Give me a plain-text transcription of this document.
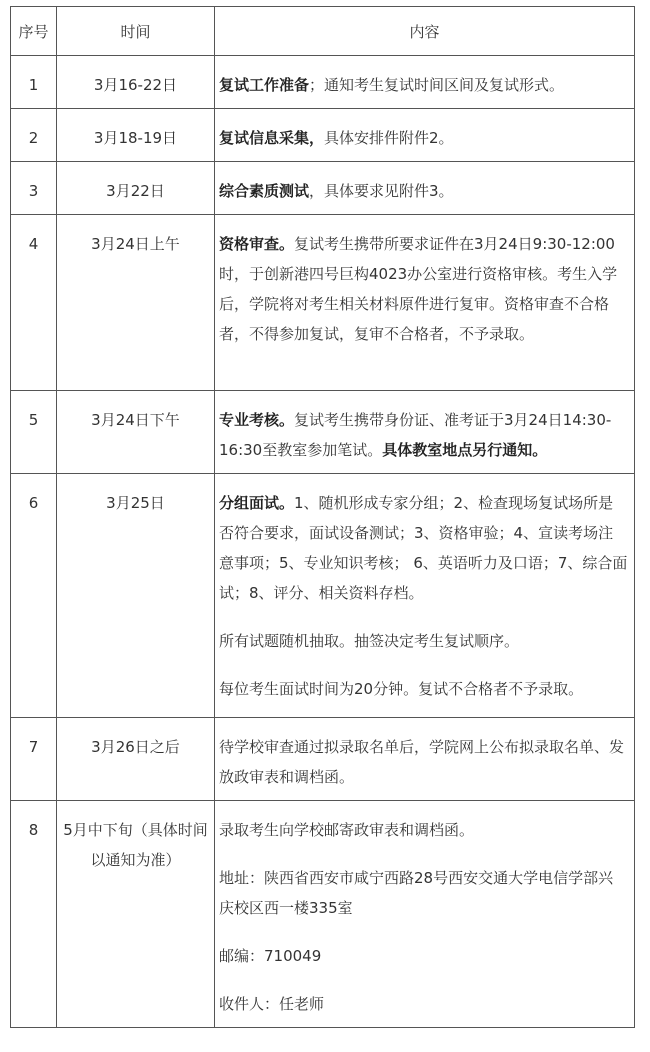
序号	时间	内容
1	3月16-22日	复试工作准备；通知考生复试时间区间及复试形式。

2	3月18-19日	复试信息采集，具体安排件附件2。

3	3月22日	综合素质测试，具体要求见附件3。

4	3月24日上午	资格审查。复试考生携带所要求证件在3月24日9:30-12:00时，于创新港四号巨构4023办公室进行资格审核。考生入学后，学院将对考生相关材料原件进行复审。资格审查不合格者，不得参加复试，复审不合格者，不予录取。

5	3月24日下午	专业考核。复试考生携带身份证、准考证于3月24日14:30-16:30至教室参加笔试。具体教室地点另行通知。

6	3月25日	分组面试。1、随机形成专家分组；2、检查现场复试场所是否符合要求，面试设备测试；3、资格审验；4、宣读考场注意事项；5、专业知识考核； 6、英语听力及口语；7、综合面试；8、评分、相关资料存档。

所有试题随机抽取。抽签决定考生复试顺序。

每位考生面试时间为20分钟。复试不合格者不予录取。

7	3月26日之后	待学校审查通过拟录取名单后，学院网上公布拟录取名单、发放政审表和调档函。

8	5月中下旬（具体时间以通知为准）	录取考生向学校邮寄政审表和调档函。

地址：陕西省西安市咸宁西路28号西安交通大学电信学部兴庆校区西一楼335室

邮编：710049

收件人：任老师
